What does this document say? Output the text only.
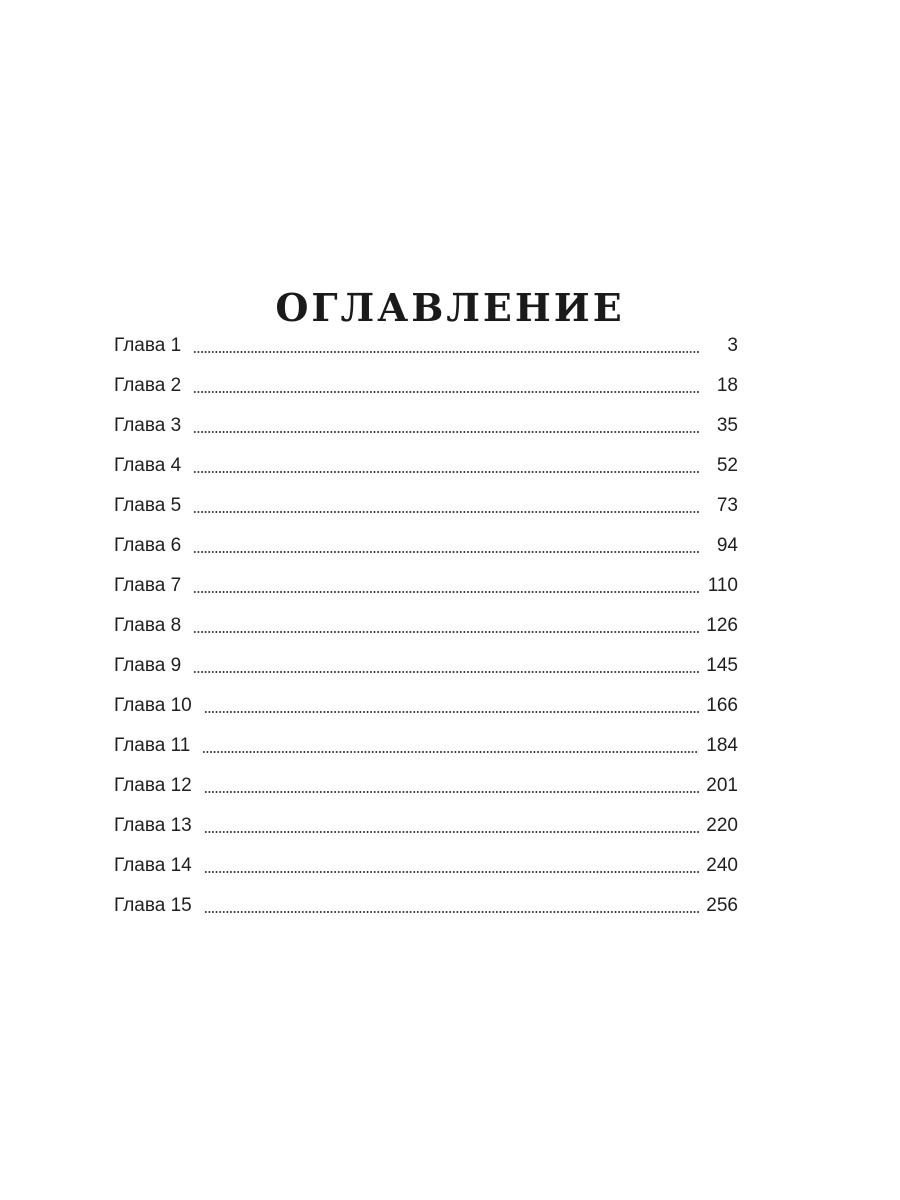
ОГЛАВЛЕНИЕ
Глава 1	3
Глава 2	18
Глава 3	35
Глава 4	52
Глава 5	73
Глава 6	94
Глава 7	110
Глава 8	126
Глава 9	145
Глава 10	166
Глава 11	184
Глава 12	201
Глава 13	220
Глава 14	240
Глава 15	256
